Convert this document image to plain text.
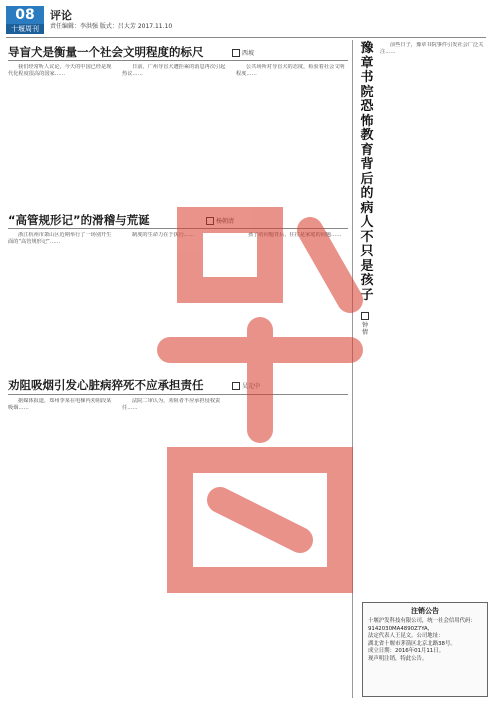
08
十堰周刊
评论
责任编辑：李洪强 版式：吕大芳 2017.11.10
导盲犬是衡量一个社会文明程度的标尺	西坡

我们经常听人议论，今天的中国已经是现代化程度很高的国家……

日前，广州导盲犬遭拒乘的消息再次引起热议……

公共场所对导盲犬的态度，检验着社会文明程度……

“高管规形记”的滑稽与荒诞	杨朝清

浙江杭州市萧山区近期举行了一场别开生面的“高管规形记”……

制度的生命力在于执行……

劝阻吸烟引发心脏病猝死不应承担责任	吴元中

据媒体报道，郑州李某在电梯内劝阻段某吸烟……

法院二审认为，劝阻者不应承担侵权责任……

豫
章
书
院
恐
怖
教
育
背
后
的
病
人
不
只
是
孩
子
钟
情

前些日子，豫章书院事件引发社会广泛关注……

孩子的问题背后，往往是家庭的问题……

注销公告
十堰沪发科技有限公司，统一社会信用代码：
9142030MA4890Z7YA，
法定代表人王昆文。公司地址：
湖北省十堰市茅箭区北京北路38号。
成立日期：2016年01月11日。
现声明注销，特此公告。
